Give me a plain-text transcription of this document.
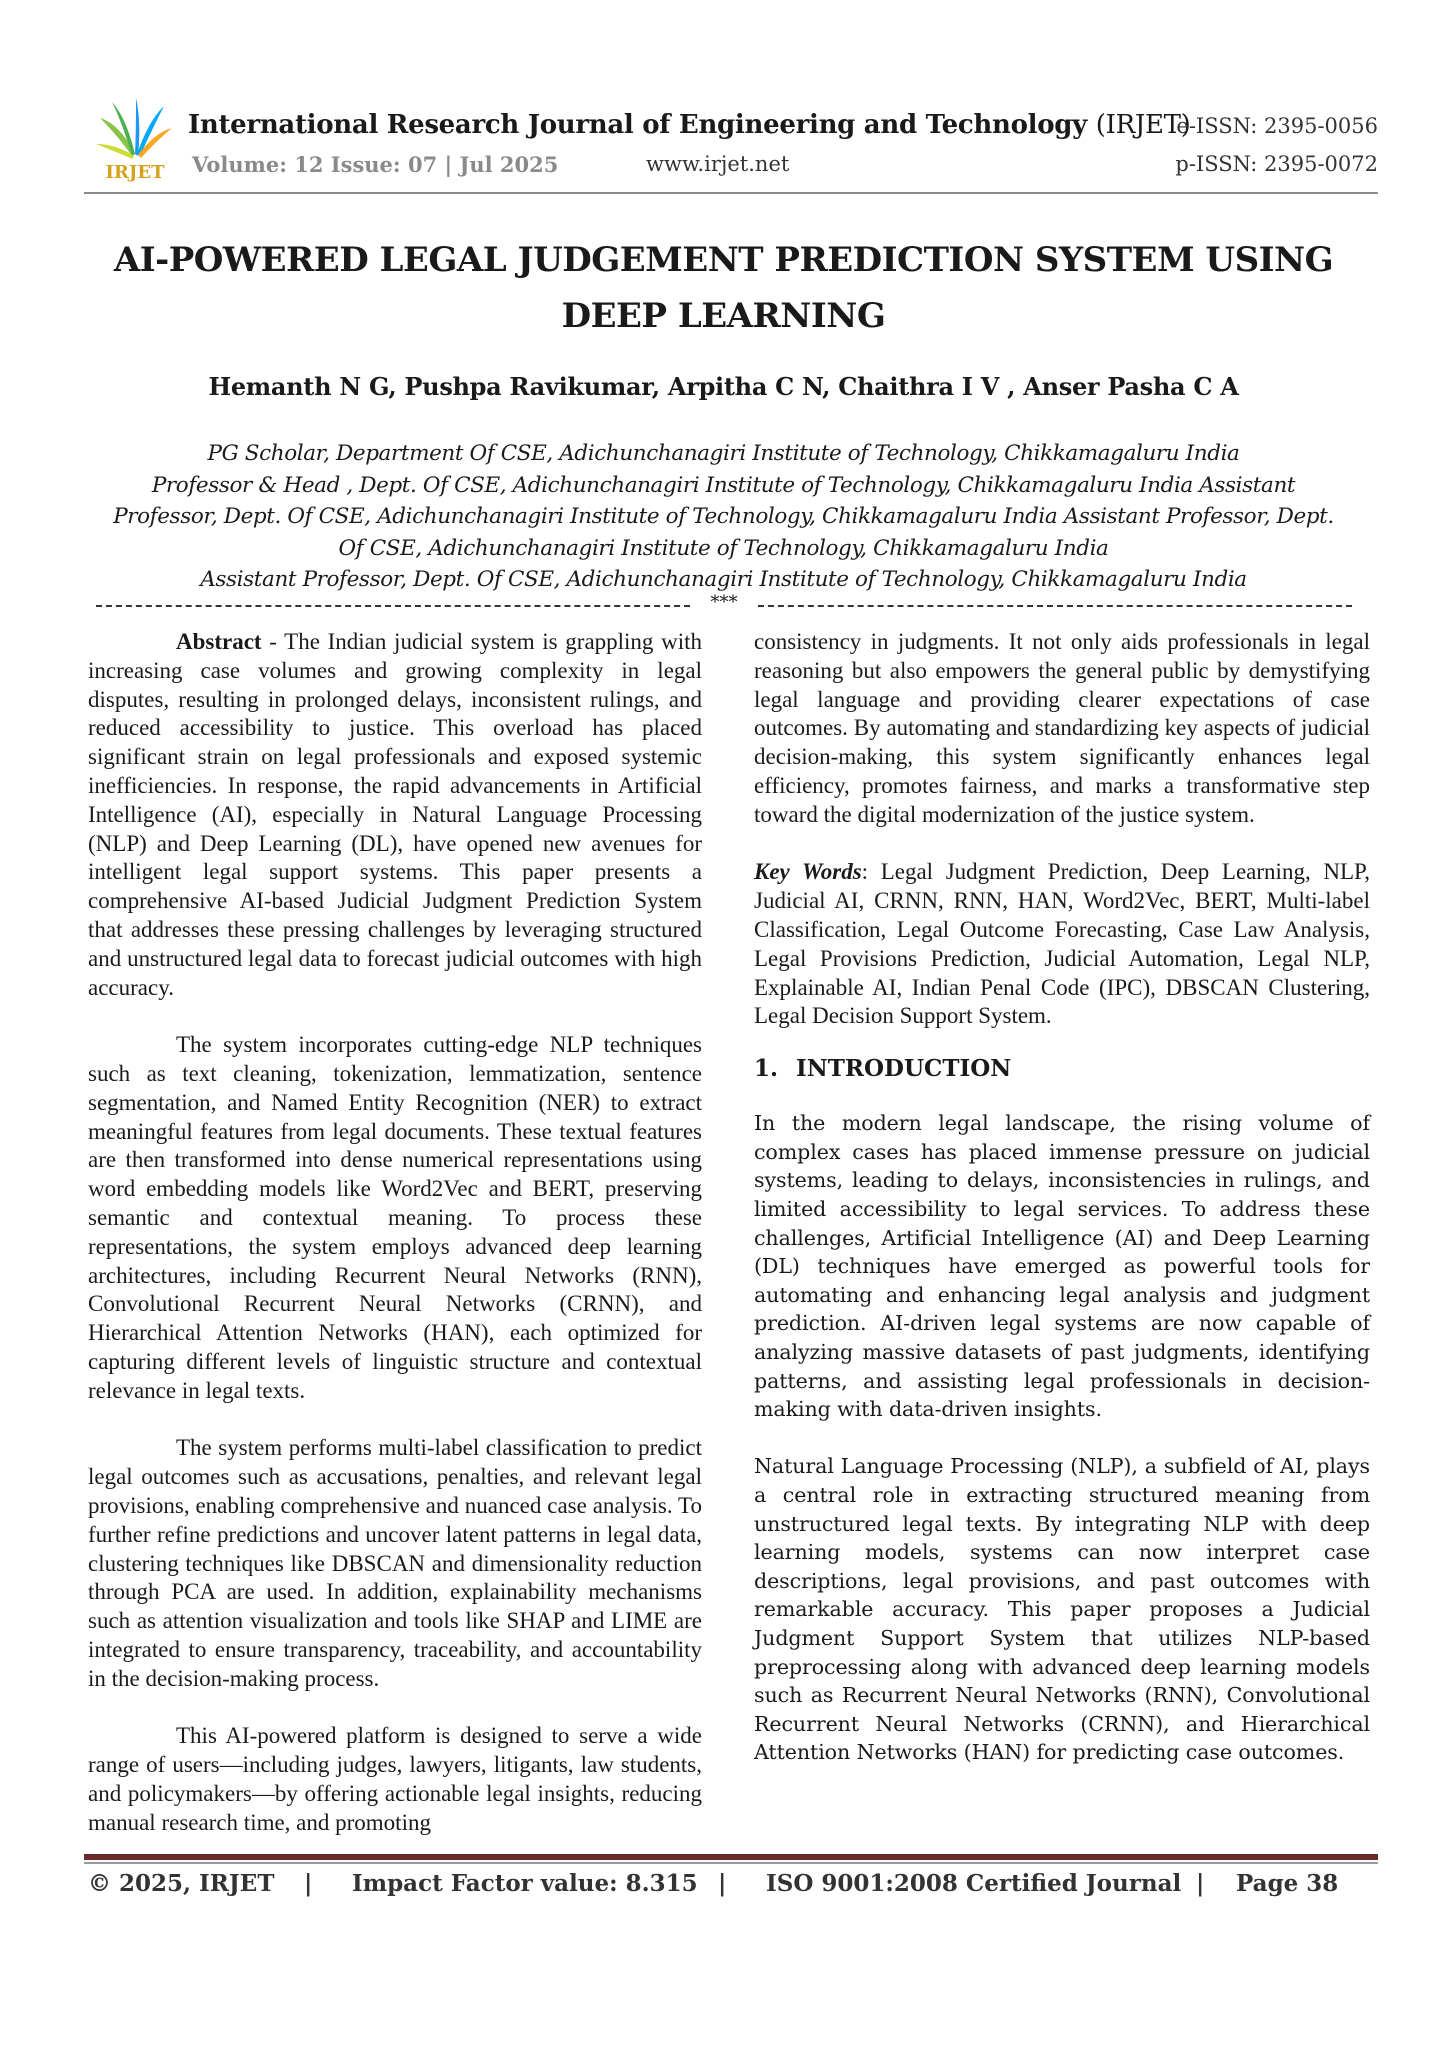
IRJET
International Research Journal of Engineering and Technology (IRJET)
Volume: 12 Issue: 07 | Jul 2025	www.irjet.net
e-ISSN: 2395-0056
p-ISSN: 2395-0072
AI-POWERED LEGAL JUDGEMENT PREDICTION SYSTEM USING DEEP LEARNING
Hemanth N G, Pushpa Ravikumar, Arpitha C N, Chaithra I V , Anser Pasha C A
PG Scholar, Department Of CSE, Adichunchanagiri Institute of Technology, Chikkamagaluru India
Professor & Head , Dept. Of CSE, Adichunchanagiri Institute of Technology, Chikkamagaluru India Assistant
Professor, Dept. Of CSE, Adichunchanagiri Institute of Technology, Chikkamagaluru India Assistant Professor, Dept.
Of CSE, Adichunchanagiri Institute of Technology, Chikkamagaluru India
Assistant Professor, Dept. Of CSE, Adichunchanagiri Institute of Technology, Chikkamagaluru India
***

Abstract - The Indian judicial system is grappling with increasing case volumes and growing complexity in legal disputes, resulting in prolonged delays, inconsistent rulings, and reduced accessibility to justice. This overload has placed significant strain on legal professionals and exposed systemic inefficiencies. In response, the rapid advancements in Artificial Intelligence (AI), especially in Natural Language Processing (NLP) and Deep Learning (DL), have opened new avenues for intelligent legal support systems. This paper presents a comprehensive AI-based Judicial Judgment Prediction System that addresses these pressing challenges by leveraging structured and unstructured legal data to forecast judicial outcomes with high accuracy.

The system incorporates cutting-edge NLP techniques such as text cleaning, tokenization, lemmatization, sentence segmentation, and Named Entity Recognition (NER) to extract meaningful features from legal documents. These textual features are then transformed into dense numerical representations using word embedding models like Word2Vec and BERT, preserving semantic and contextual meaning. To process these representations, the system employs advanced deep learning architectures, including Recurrent Neural Networks (RNN), Convolutional Recurrent Neural Networks (CRNN), and Hierarchical Attention Networks (HAN), each optimized for capturing different levels of linguistic structure and contextual relevance in legal texts.

The system performs multi-label classification to predict legal outcomes such as accusations, penalties, and relevant legal provisions, enabling comprehensive and nuanced case analysis. To further refine predictions and uncover latent patterns in legal data, clustering techniques like DBSCAN and dimensionality reduction through PCA are used. In addition, explainability mechanisms such as attention visualization and tools like SHAP and LIME are integrated to ensure transparency, traceability, and accountability in the decision-making process.

This AI-powered platform is designed to serve a wide range of users—including judges, lawyers, litigants, law students, and policymakers—by offering actionable legal insights, reducing manual research time, and promoting

consistency in judgments. It not only aids professionals in legal reasoning but also empowers the general public by demystifying legal language and providing clearer expectations of case outcomes. By automating and standardizing key aspects of judicial decision-making, this system significantly enhances legal efficiency, promotes fairness, and marks a transformative step toward the digital modernization of the justice system.

Key Words: Legal Judgment Prediction, Deep Learning, NLP, Judicial AI, CRNN, RNN, HAN, Word2Vec, BERT, Multi-label Classification, Legal Outcome Forecasting, Case Law Analysis, Legal Provisions Prediction, Judicial Automation, Legal NLP, Explainable AI, Indian Penal Code (IPC), DBSCAN Clustering, Legal Decision Support System.

1. INTRODUCTION

In the modern legal landscape, the rising volume of complex cases has placed immense pressure on judicial systems, leading to delays, inconsistencies in rulings, and limited accessibility to legal services. To address these challenges, Artificial Intelligence (AI) and Deep Learning (DL) techniques have emerged as powerful tools for automating and enhancing legal analysis and judgment prediction. AI-driven legal systems are now capable of analyzing massive datasets of past judgments, identifying patterns, and assisting legal professionals in decision-making with data-driven insights.

Natural Language Processing (NLP), a subfield of AI, plays a central role in extracting structured meaning from unstructured legal texts. By integrating NLP with deep learning models, systems can now interpret case descriptions, legal provisions, and past outcomes with remarkable accuracy. This paper proposes a Judicial Judgment Support System that utilizes NLP-based preprocessing along with advanced deep learning models such as Recurrent Neural Networks (RNN), Convolutional Recurrent Neural Networks (CRNN), and Hierarchical Attention Networks (HAN) for predicting case outcomes.

© 2025, IRJET | Impact Factor value: 8.315 | ISO 9001:2008 Certified Journal | Page 38
